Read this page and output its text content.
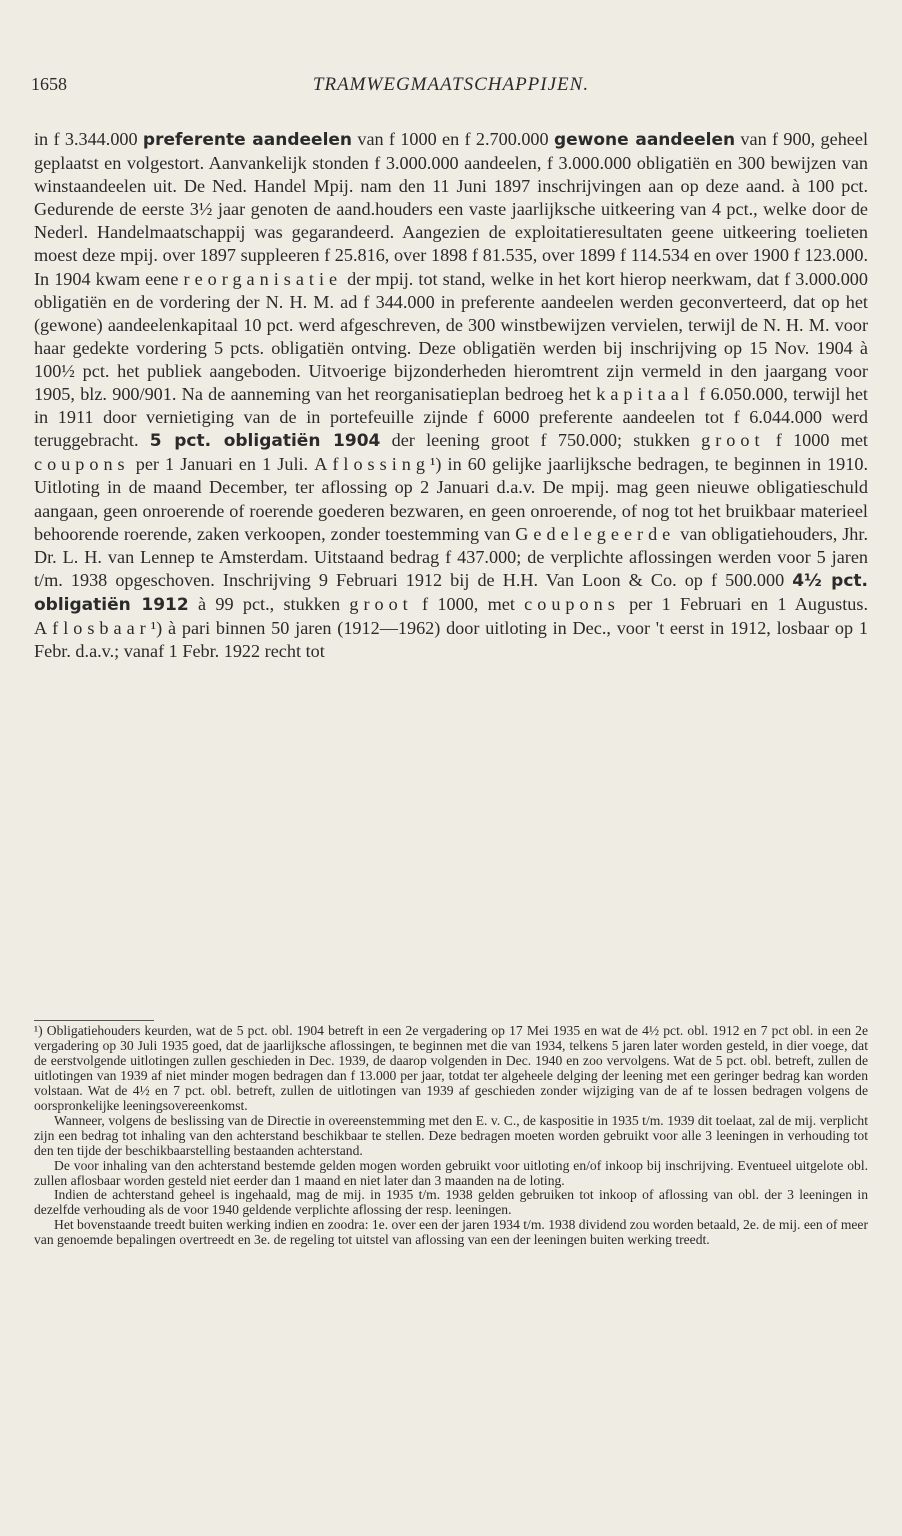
1658	TRAMWEGMAATSCHAPPIJEN.

in f 3.344.000 preferente aandeelen van f 1000 en f 2.700.000 gewone aandeelen van f 900, geheel geplaatst en volgestort. Aanvankelijk stonden f 3.000.000 aandeelen, f 3.000.000 obligatiën en 300 bewijzen van winstaandeelen uit. De Ned. Handel Mpij. nam den 11 Juni 1897 inschrijvingen aan op deze aand. à 100 pct. Gedurende de eerste 3½ jaar genoten de aand.houders een vaste jaarlijksche uitkeering van 4 pct., welke door de Nederl. Handelmaatschappij was gegarandeerd. Aangezien de exploitatieresultaten geene uitkeering toelieten moest deze mpij. over 1897 suppleeren f 25.816, over 1898 f 81.535, over 1899 f 114.534 en over 1900 f 123.000. In 1904 kwam eene reorganisatie der mpij. tot stand, welke in het kort hierop neerkwam, dat f 3.000.000 obligatiën en de vordering der N. H. M. ad f 344.000 in preferente aandeelen werden geconverteerd, dat op het (gewone) aandeelenkapitaal 10 pct. werd afgeschreven, de 300 winstbewijzen vervielen, terwijl de N. H. M. voor haar gedekte vordering 5 pcts. obligatiën ontving. Deze obligatiën werden bij inschrijving op 15 Nov. 1904 à 100½ pct. het publiek aangeboden. Uitvoerige bijzonderheden hieromtrent zijn vermeld in den jaargang voor 1905, blz. 900/901. Na de aanneming van het reorganisatieplan bedroeg het kapitaal f 6.050.000, terwijl het in 1911 door vernietiging van de in portefeuille zijnde f 6000 preferente aandeelen tot f 6.044.000 werd teruggebracht. 5 pct. obligatiën 1904 der leening groot f 750.000; stukken groot f 1000 met coupons per 1 Januari en 1 Juli. Aflossing¹) in 60 gelijke jaarlijksche bedragen, te beginnen in 1910. Uitloting in de maand December, ter aflossing op 2 Januari d.a.v. De mpij. mag geen nieuwe obligatieschuld aangaan, geen onroerende of roerende goederen bezwaren, en geen onroerende, of nog tot het bruikbaar materieel behoorende roerende, zaken verkoopen, zonder toestemming van Gedelegeerde van obligatiehouders, Jhr. Dr. L. H. van Lennep te Amsterdam. Uitstaand bedrag f 437.000; de verplichte aflossingen werden voor 5 jaren t/m. 1938 opgeschoven. Inschrijving 9 Februari 1912 bij de H.H. Van Loon & Co. op f 500.000 4½ pct. obligatiën 1912 à 99 pct., stukken groot f 1000, met coupons per 1 Februari en 1 Augustus. Aflosbaar¹) à pari binnen 50 jaren (1912—1962) door uitloting in Dec., voor 't eerst in 1912, losbaar op 1 Febr. d.a.v.; vanaf 1 Febr. 1922 recht tot

¹) Obligatiehouders keurden, wat de 5 pct. obl. 1904 betreft in een 2e vergadering op 17 Mei 1935 en wat de 4½ pct. obl. 1912 en 7 pct obl. in een 2e vergadering op 30 Juli 1935 goed, dat de jaarlijksche aflossingen, te beginnen met die van 1934, telkens 5 jaren later worden gesteld, in dier voege, dat de eerstvolgende uitlotingen zullen geschieden in Dec. 1939, de daarop volgenden in Dec. 1940 en zoo vervolgens. Wat de 5 pct. obl. betreft, zullen de uitlotingen van 1939 af niet minder mogen bedragen dan f 13.000 per jaar, totdat ter algeheele delging der leening met een geringer bedrag kan worden volstaan. Wat de 4½ en 7 pct. obl. betreft, zullen de uitlotingen van 1939 af geschieden zonder wijziging van de af te lossen bedragen volgens de oorspronkelijke leeningsovereenkomst.

Wanneer, volgens de beslissing van de Directie in overeenstemming met den E. v. C., de kaspositie in 1935 t/m. 1939 dit toelaat, zal de mij. verplicht zijn een bedrag tot inhaling van den achterstand beschikbaar te stellen. Deze bedragen moeten worden gebruikt voor alle 3 leeningen in verhouding tot den ten tijde der beschikbaarstelling bestaanden achterstand.

De voor inhaling van den achterstand bestemde gelden mogen worden gebruikt voor uitloting en/of inkoop bij inschrijving. Eventueel uitgelote obl. zullen aflosbaar worden gesteld niet eerder dan 1 maand en niet later dan 3 maanden na de loting.

Indien de achterstand geheel is ingehaald, mag de mij. in 1935 t/m. 1938 gelden gebruiken tot inkoop of aflossing van obl. der 3 leeningen in dezelfde verhouding als de voor 1940 geldende verplichte aflossing der resp. leeningen.

Het bovenstaande treedt buiten werking indien en zoodra: 1e. over een der jaren 1934 t/m. 1938 dividend zou worden betaald, 2e. de mij. een of meer van genoemde bepalingen overtreedt en 3e. de regeling tot uitstel van aflossing van een der leeningen buiten werking treedt.
